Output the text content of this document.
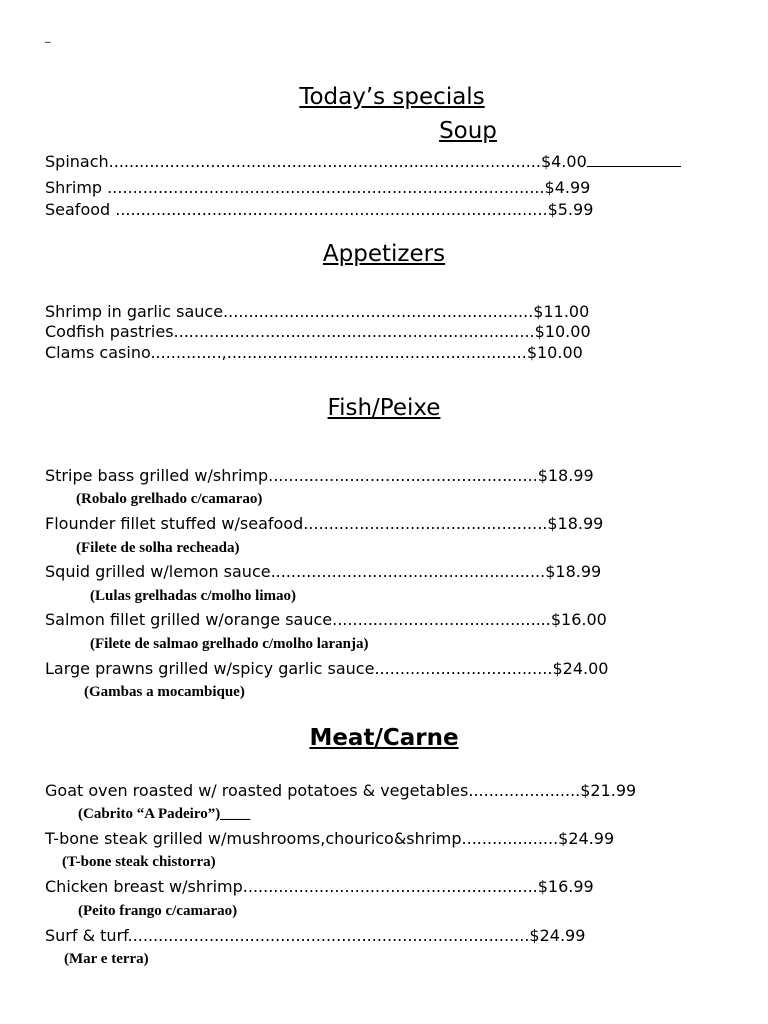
_
Today’s specials
Soup
Spinach.....................................................................................$4.00
Shrimp ......................................................................................$4.99
Seafood .....................................................................................$5.99
Appetizers
Shrimp in garlic sauce.............................................................$11.00
Codfish pastries.......................................................................$10.00
Clams casino..............,...........................................................$10.00
Fish/Peixe
Stripe bass grilled w/shrimp.....................................................$18.99
(Robalo grelhado c/camarao)
Flounder fillet stuffed w/seafood................................................$18.99
(Filete de solha recheada)
Squid grilled w/lemon sauce......................................................$18.99
(Lulas grelhadas c/molho limao)
Salmon fillet grilled w/orange sauce...........................................$16.00
(Filete de salmao grelhado c/molho laranja)
Large prawns grilled w/spicy garlic sauce...................................$24.00
(Gambas a mocambique)
Meat/Carne
Goat oven roasted w/ roasted potatoes & vegetables......................$21.99
(Cabrito “A Padeiro”)____
T-bone steak grilled w/mushrooms,chourico&shrimp...................$24.99
(T-bone steak chistorra)
Chicken breast w/shrimp..........................................................$16.99
(Peito frango c/camarao)
Surf & turf...............................................................................$24.99
(Mar e terra)
